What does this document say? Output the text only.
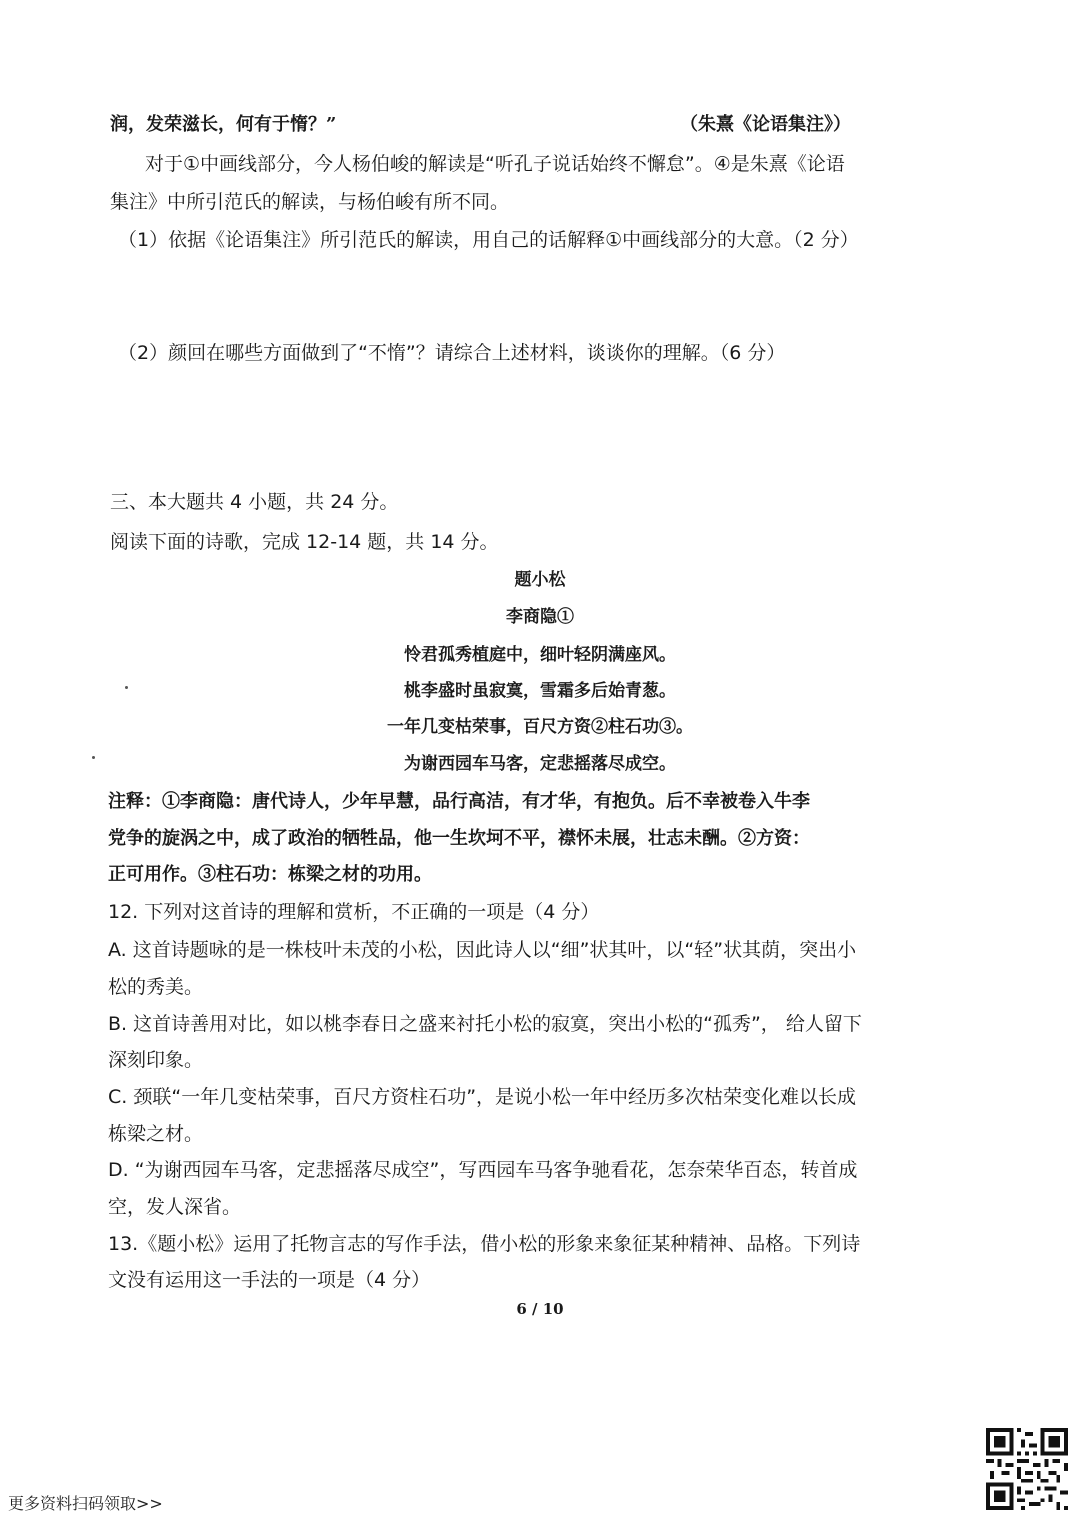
润，发荣滋长，何有于惰？”	（朱熹《论语集注》）
对于①中画线部分，今人杨伯峻的解读是“听孔子说话始终不懈怠”。④是朱熹《论语
集注》中所引范氏的解读，与杨伯峻有所不同。
（1）依据《论语集注》所引范氏的解读，用自己的话解释①中画线部分的大意。（2 分）
（2）颜回在哪些方面做到了“不惰”？请综合上述材料，谈谈你的理解。（6 分）
三、本大题共 4 小题，共 24 分。
阅读下面的诗歌，完成 12-14 题，共 14 分。
题小松
李商隐①
怜君孤秀植庭中，细叶轻阴满座风。
桃李盛时虽寂寞，雪霜多后始青葱。
一年几变枯荣事，百尺方资②柱石功③。
为谢西园车马客，定悲摇落尽成空。
注释：①李商隐：唐代诗人，少年早慧，品行高洁，有才华，有抱负。后不幸被卷入牛李
党争的旋涡之中，成了政治的牺牲品，他一生坎坷不平，襟怀未展，壮志未酬。②方资：
正可用作。③柱石功：栋梁之材的功用。
12. 下列对这首诗的理解和赏析，不正确的一项是（4 分）
A. 这首诗题咏的是一株枝叶未茂的小松，因此诗人以“细”状其叶，以“轻”状其荫，突出小
松的秀美。
B. 这首诗善用对比，如以桃李春日之盛来衬托小松的寂寞，突出小松的“孤秀”， 给人留下
深刻印象。
C. 颈联“一年几变枯荣事，百尺方资柱石功”，是说小松一年中经历多次枯荣变化难以长成
栋梁之材。
D. “为谢西园车马客，定悲摇落尽成空”，写西园车马客争驰看花，怎奈荣华百态，转首成
空，发人深省。
13.《题小松》运用了托物言志的写作手法，借小松的形象来象征某种精神、品格。下列诗
文没有运用这一手法的一项是（4 分）
6 / 10
更多资料扫码领取>>
